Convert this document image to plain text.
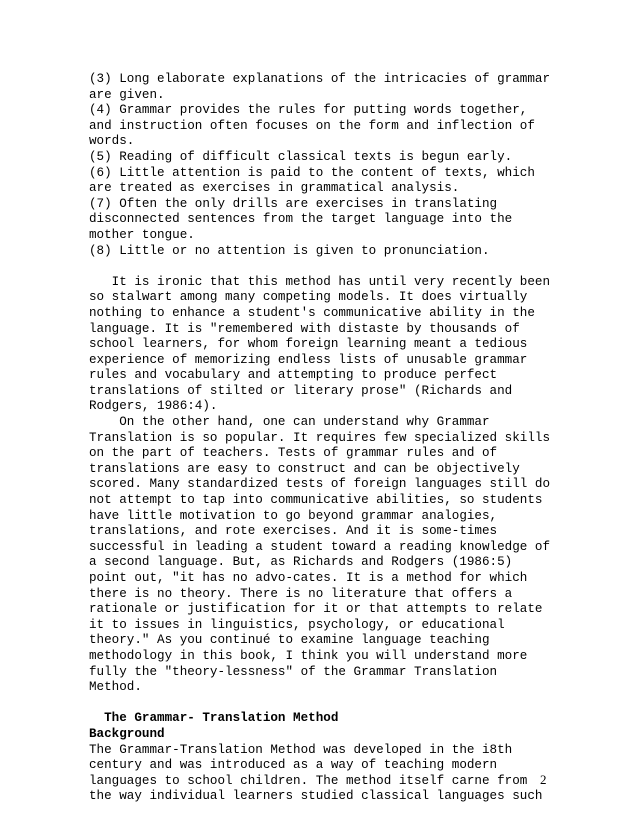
(3) Long elaborate explanations of the intricacies of grammar
are given.
(4) Grammar provides the rules for putting words together,
and instruction often focuses on the form and inflection of
words.
(5) Reading of difficult classical texts is begun early.
(6) Little attention is paid to the content of texts, which
are treated as exercises in grammatical analysis.
(7) Often the only drills are exercises in translating
disconnected sentences from the target language into the
mother tongue.
(8) Little or no attention is given to pronunciation.
It is ironic that this method has until very recently been
so stalwart among many competing models. It does virtually
nothing to enhance a student's communicative ability in the
language. It is "remembered with distaste by thousands of
school learners, for whom foreign learning meant a tedious
experience of memorizing endless lists of unusable grammar
rules and vocabulary and attempting to produce perfect
translations of stilted or literary prose" (Richards and
Rodgers, 1986:4).
On the other hand, one can understand why Grammar
Translation is so popular. It requires few specialized skills
on the part of teachers. Tests of grammar rules and of
translations are easy to construct and can be objectively
scored. Many standardized tests of foreign languages still do
not attempt to tap into communicative abilities, so students
have little motivation to go beyond grammar analogies,
translations, and rote exercises. And it is some-times
successful in leading a student toward a reading knowledge of
a second language. But, as Richards and Rodgers (1986:5)
point out, "it has no advo-cates. It is a method for which
there is no theory. There is no literature that offers a
rationale or justification for it or that attempts to relate
it to issues in linguistics, psychology, or educational
theory." As you continué to examine language teaching
methodology in this book, I think you will understand more
fully the "theory-lessness" of the Grammar Translation
Method.
The Grammar- Translation Method
Background
The Grammar-Translation Method was developed in the i8th
century and was introduced as a way of teaching modern
languages to school children. The method itself carne from
the way individual learners studied classical languages such
2
